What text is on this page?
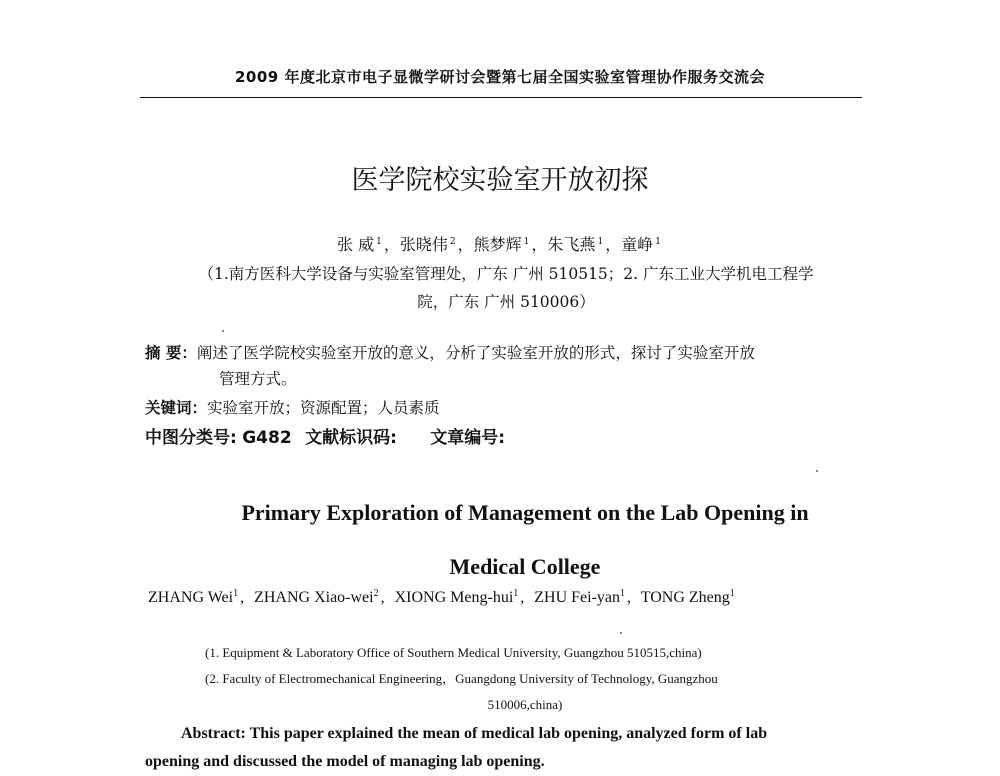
2009 年度北京市电子显微学研讨会暨第七届全国实验室管理协作服务交流会
医学院校实验室开放初探
张 威 $^1$ ，张晓伟 $^2$ ，熊梦辉 $^1$ ，朱飞燕 $^1$ ，童峥 $^1$
（1.南方医科大学设备与实验室管理处，广东 广州 510515；2. 广东工业大学机电工程学
院，广东 广州 510006）
摘 要：阐述了医学院校实验室开放的意义，分析了实验室开放的形式，探讨了实验室开放
管理方式。
关键词：实验室开放；资源配置；人员素质
中图分类号: G482 文献标识码: 文章编号:
Primary Exploration of Management on the Lab Opening in
Medical College
ZHANG Wei$^1$ , ZHANG Xiao-wei$^2$ , XIONG Meng-hui$^1$ , ZHU Fei-yan$^1$ , TONG Zheng$^1$
(1. Equipment & Laboratory Office of Southern Medical University, Guangzhou 510515,china)
(2. Faculty of Electromechanical Engineering，Guangdong University of Technology, Guangzhou
510006,china)
Abstract: This paper explained the mean of medical lab opening, analyzed form of lab
opening and discussed the model of managing lab opening.
